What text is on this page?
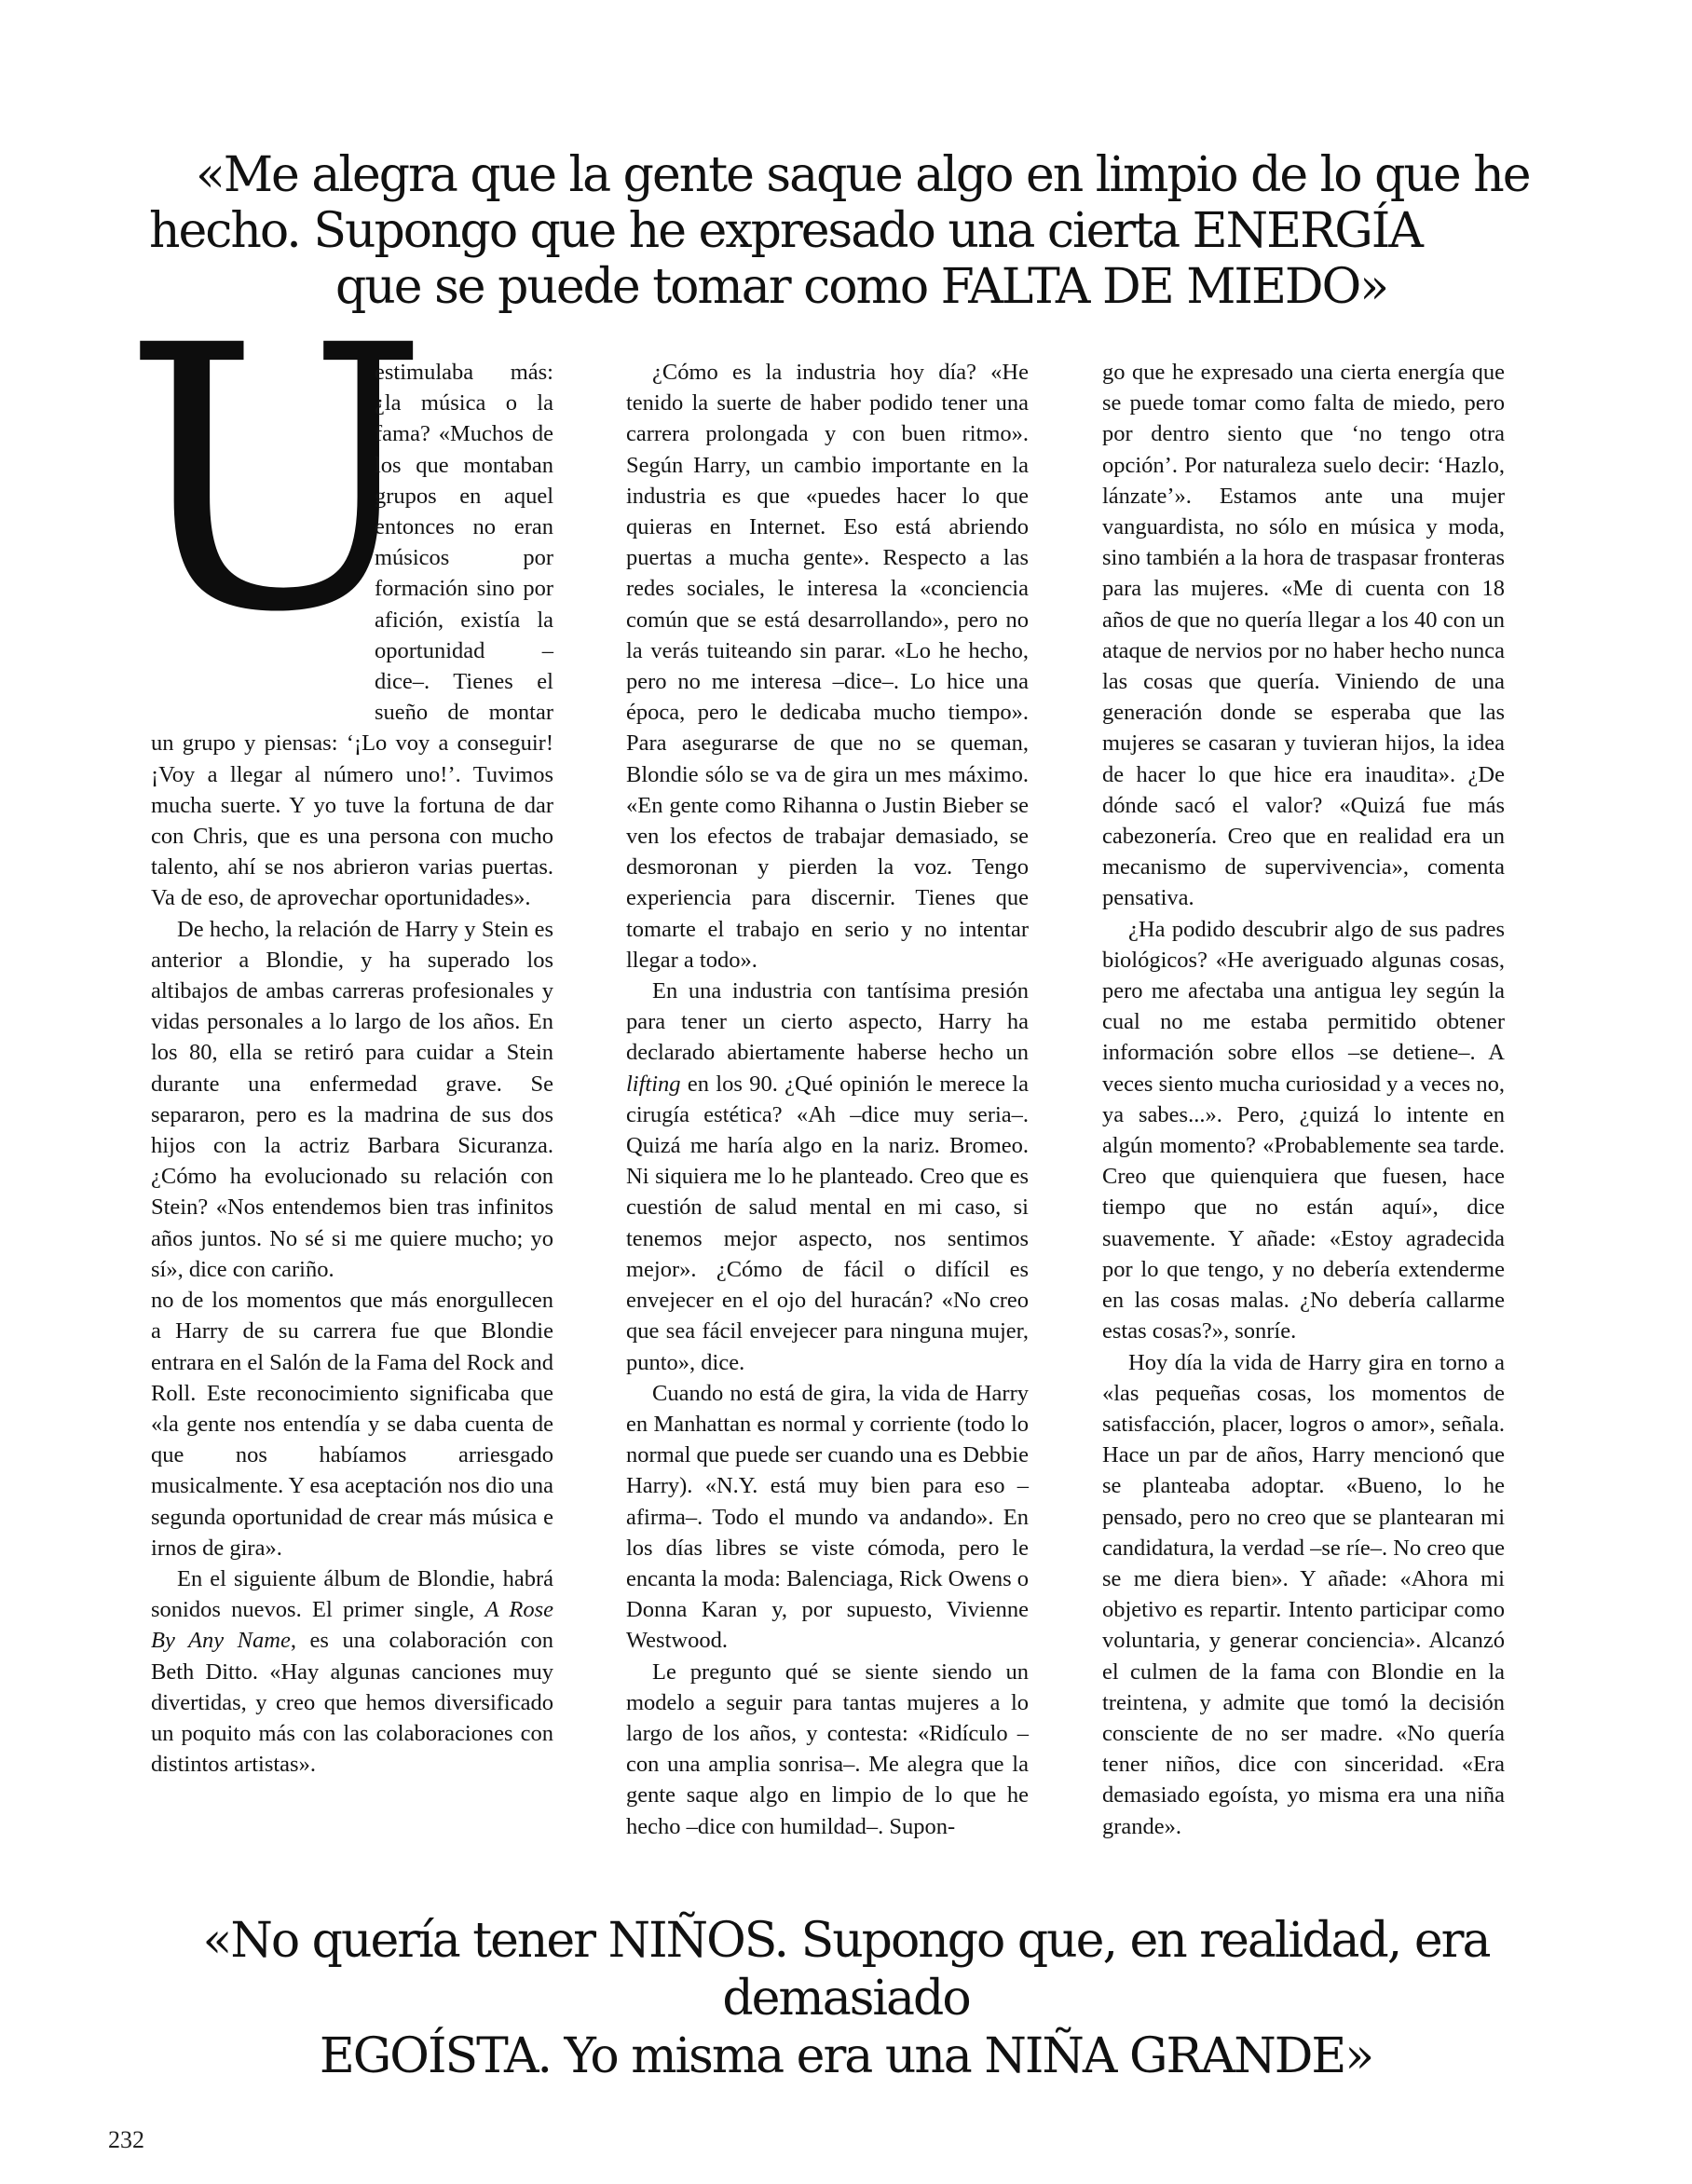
«Me alegra que la gente saque algo en limpio de lo que he
hecho. Supongo que he expresado una cierta ENERGÍA
que se puede tomar como FALTA DE MIEDO»

U
estimulaba más: ¿la música o la fama? «Muchos de los que montaban grupos en aquel entonces no eran músicos por formación sino por afición, existía la oportunidad –dice–. Tienes el sueño de montar un grupo y piensas: ‘¡Lo voy a conseguir! ¡Voy a llegar al número uno!’. Tuvimos mucha suerte. Y yo tuve la fortuna de dar con Chris, que es una persona con mucho talento, ahí se nos abrieron varias puertas. Va de eso, de aprovechar oportunidades».

De hecho, la relación de Harry y Stein es anterior a Blondie, y ha superado los altibajos de ambas carreras profesionales y vidas personales a lo largo de los años. En los 80, ella se retiró para cuidar a Stein durante una enfermedad grave. Se separaron, pero es la madrina de sus dos hijos con la actriz Barbara Sicuranza. ¿Cómo ha evolucionado su relación con Stein? «Nos entendemos bien tras infinitos años juntos. No sé si me quiere mucho; yo sí», dice con cariño.

no de los momentos que más enorgullecen a Harry de su carrera fue que Blondie entrara en el Salón de la Fama del Rock and Roll. Este reconocimiento significaba que «la gente nos entendía y se daba cuenta de que nos habíamos arriesgado musicalmente. Y esa aceptación nos dio una segunda oportunidad de crear más música e irnos de gira».

En el siguiente álbum de Blondie, habrá sonidos nuevos. El primer single, A Rose By Any Name, es una colaboración con Beth Ditto. «Hay algunas canciones muy divertidas, y creo que hemos diversificado un poquito más con las colaboraciones con distintos artistas».

¿Cómo es la industria hoy día? «He tenido la suerte de haber podido tener una carrera prolongada y con buen ritmo». Según Harry, un cambio importante en la industria es que «puedes hacer lo que quieras en Internet. Eso está abriendo puertas a mucha gente». Respecto a las redes sociales, le interesa la «conciencia común que se está desarrollando», pero no la verás tuiteando sin parar. «Lo he hecho, pero no me interesa –dice–. Lo hice una época, pero le dedicaba mucho tiempo». Para asegurarse de que no se queman, Blondie sólo se va de gira un mes máximo. «En gente como Rihanna o Justin Bieber se ven los efectos de trabajar demasiado, se desmoronan y pierden la voz. Tengo experiencia para discernir. Tienes que tomarte el trabajo en serio y no intentar llegar a todo».

En una industria con tantísima presión para tener un cierto aspecto, Harry ha declarado abiertamente haberse hecho un lifting en los 90. ¿Qué opinión le merece la cirugía estética? «Ah –dice muy seria–. Quizá me haría algo en la nariz. Bromeo. Ni siquiera me lo he planteado. Creo que es cuestión de salud mental en mi caso, si tenemos mejor aspecto, nos sentimos mejor». ¿Cómo de fácil o difícil es envejecer en el ojo del huracán? «No creo que sea fácil envejecer para ninguna mujer, punto», dice.

Cuando no está de gira, la vida de Harry en Manhattan es normal y corriente (todo lo normal que puede ser cuando una es Debbie Harry). «N.Y. está muy bien para eso –afirma–. Todo el mundo va andando». En los días libres se viste cómoda, pero le encanta la moda: Balenciaga, Rick Owens o Donna Karan y, por supuesto, Vivienne Westwood.

Le pregunto qué se siente siendo un modelo a seguir para tantas mujeres a lo largo de los años, y contesta: «Ridículo –con una amplia sonrisa–. Me alegra que la gente saque algo en limpio de lo que he hecho –dice con humildad–. Supon-

go que he expresado una cierta energía que se puede tomar como falta de miedo, pero por dentro siento que ‘no tengo otra opción’. Por naturaleza suelo decir: ‘Hazlo, lánzate’». Estamos ante una mujer vanguardista, no sólo en música y moda, sino también a la hora de traspasar fronteras para las mujeres. «Me di cuenta con 18 años de que no quería llegar a los 40 con un ataque de nervios por no haber hecho nunca las cosas que quería. Viniendo de una generación donde se esperaba que las mujeres se casaran y tuvieran hijos, la idea de hacer lo que hice era inaudita». ¿De dónde sacó el valor? «Quizá fue más cabezonería. Creo que en realidad era un mecanismo de supervivencia», comenta pensativa.

¿Ha podido descubrir algo de sus padres biológicos? «He averiguado algunas cosas, pero me afectaba una antigua ley según la cual no me estaba permitido obtener información sobre ellos –se detiene–. A veces siento mucha curiosidad y a veces no, ya sabes...». Pero, ¿quizá lo intente en algún momento? «Probablemente sea tarde. Creo que quienquiera que fuesen, hace tiempo que no están aquí», dice suavemente. Y añade: «Estoy agradecida por lo que tengo, y no debería extenderme en las cosas malas. ¿No debería callarme estas cosas?», sonríe.

Hoy día la vida de Harry gira en torno a «las pequeñas cosas, los momentos de satisfacción, placer, logros o amor», señala. Hace un par de años, Harry mencionó que se planteaba adoptar. «Bueno, lo he pensado, pero no creo que se plantearan mi candidatura, la verdad –se ríe–. No creo que se me diera bien». Y añade: «Ahora mi objetivo es repartir. Intento participar como voluntaria, y generar conciencia». Alcanzó el culmen de la fama con Blondie en la treintena, y admite que tomó la decisión consciente de no ser madre. «No quería tener niños, dice con sinceridad. «Era demasiado egoísta, yo misma era una niña grande».

«No quería tener NIÑOS. Supongo que, en realidad, era demasiado
EGOÍSTA. Yo misma era una NIÑA GRANDE»
232
